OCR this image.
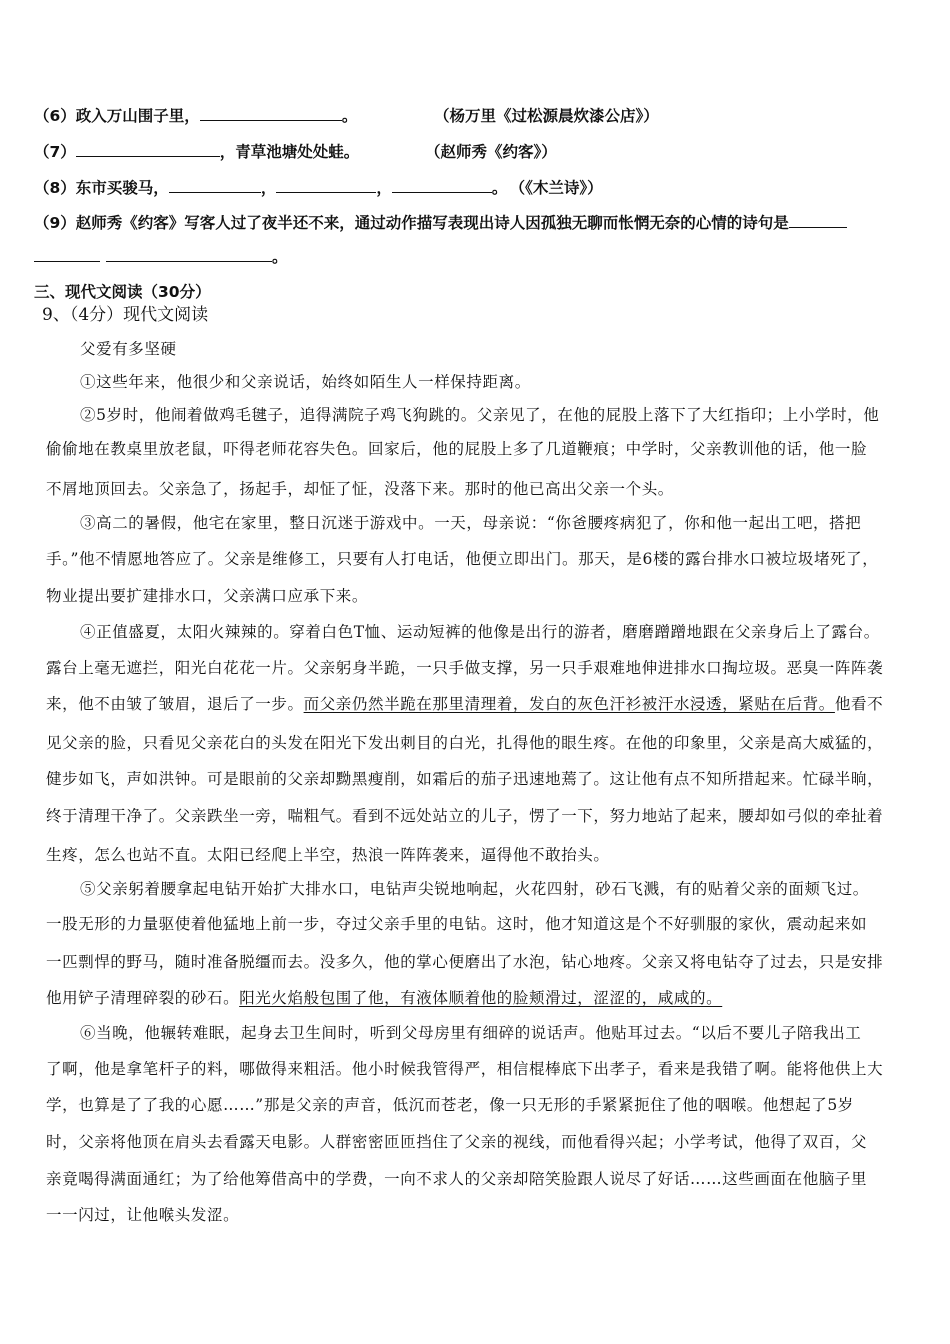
（6）政入万山围子里，	。	（杨万里《过松源晨炊漆公店》）
（7）	，青草池塘处处蛙。	（赵师秀《约客》）
（8）东市买骏马，	，	，	。 （《木兰诗》）
（9）赵师秀《约客》写客人过了夜半还不来，通过动作描写表现出诗人因孤独无聊而怅惘无奈的心情的诗句是
。
三、现代文阅读（30分）
9、（4分）现代文阅读
父爱有多坚硬
①这些年来，他很少和父亲说话，始终如陌生人一样保持距离。
②5岁时，他闹着做鸡毛毽子，追得满院子鸡飞狗跳的。父亲见了，在他的屁股上落下了大红指印；上小学时，他
偷偷地在教桌里放老鼠，吓得老师花容失色。回家后，他的屁股上多了几道鞭痕；中学时，父亲教训他的话，他一脸
不屑地顶回去。父亲急了，扬起手，却怔了怔，没落下来。那时的他已高出父亲一个头。
③高二的暑假，他宅在家里，整日沉迷于游戏中。一天，母亲说：“你爸腰疼病犯了，你和他一起出工吧，搭把
手。”他不情愿地答应了。父亲是维修工，只要有人打电话，他便立即出门。那天，是6楼的露台排水口被垃圾堵死了，
物业提出要扩建排水口，父亲满口应承下来。
④正值盛夏，太阳火辣辣的。穿着白色T恤、运动短裤的他像是出行的游者，磨磨蹭蹭地跟在父亲身后上了露台。
露台上毫无遮拦，阳光白花花一片。父亲躬身半跪，一只手做支撑，另一只手艰难地伸进排水口掏垃圾。恶臭一阵阵袭
来，他不由皱了皱眉，退后了一步。而父亲仍然半跪在那里清理着，发白的灰色汗衫被汗水浸透，紧贴在后背。他看不
见父亲的脸，只看见父亲花白的头发在阳光下发出刺目的白光，扎得他的眼生疼。在他的印象里，父亲是高大威猛的，
健步如飞，声如洪钟。可是眼前的父亲却黝黑瘦削，如霜后的茄子迅速地蔫了。这让他有点不知所措起来。忙碌半晌，
终于清理干净了。父亲跌坐一旁，喘粗气。看到不远处站立的儿子，愣了一下，努力地站了起来，腰却如弓似的牵扯着
生疼，怎么也站不直。太阳已经爬上半空，热浪一阵阵袭来，逼得他不敢抬头。
⑤父亲躬着腰拿起电钻开始扩大排水口，电钻声尖锐地响起，火花四射，砂石飞溅，有的贴着父亲的面颊飞过。
一股无形的力量驱使着他猛地上前一步，夺过父亲手里的电钻。这时，他才知道这是个不好驯服的家伙，震动起来如
一匹剽悍的野马，随时准备脱缰而去。没多久，他的掌心便磨出了水泡，钻心地疼。父亲又将电钻夺了过去，只是安排
他用铲子清理碎裂的砂石。阳光火焰般包围了他，有液体顺着他的脸颊滑过，涩涩的，咸咸的。
⑥当晚，他辗转难眠，起身去卫生间时，听到父母房里有细碎的说话声。他贴耳过去。“以后不要儿子陪我出工
了啊，他是拿笔杆子的料，哪做得来粗活。他小时候我管得严，相信棍棒底下出孝子，看来是我错了啊。能将他供上大
学，也算是了了我的心愿……”那是父亲的声音，低沉而苍老，像一只无形的手紧紧扼住了他的咽喉。他想起了5岁
时，父亲将他顶在肩头去看露天电影。人群密密匝匝挡住了父亲的视线，而他看得兴起；小学考试，他得了双百，父
亲竟喝得满面通红；为了给他筹借高中的学费，一向不求人的父亲却陪笑脸跟人说尽了好话……这些画面在他脑子里
一一闪过，让他喉头发涩。
